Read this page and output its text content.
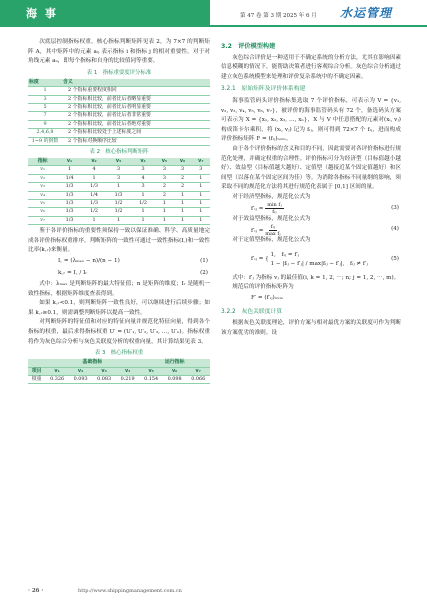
海 事	第 47 卷 第 3 期 2025 年 6 月 水运管理

次底层控制指标权重。核心指标判断矩阵见表 2，为 7×7 的判断矩阵 A，其中矩阵中的元素 aᵢⱼ 表示指标 i 和指标 j 的相对重要性。对于对角线元素 aᵢᵢ，即每个指标和自身的比较值同等重要。

表 1　指标重要度评分标准
标度	含义
1	2 个指标重要程度相同
3	2 个指标相比较，前者比后者略显重要
5	2 个指标相比较，前者比后者明显重要
7	2 个指标相比较，前者比后者非常重要
9	2 个指标相比较，前者比后者绝对重要
2,4,6,8	2 个指标相比较处于上述标度之间
1~9 的倒数	2 个指标对换顺序比较
表 2　核心指标判断矩阵
指标	v₁	v₂	v₃	v₄	v₅	v₆	v₇
v₁	1	4	3	3	3	3	3
v₂	1/4	1	3	4	3	2	1
v₃	1/3	1/3	1	3	2	2	1
v₄	1/3	1/4	1/3	1	2	1	1
v₅	1/3	1/3	1/2	1/2	1	1	1
v₆	1/3	1/2	1/2	1	1	1	1
v₇	1/3	1	1	1	1	1	1

鉴于各评价指标的重要性须保持一致以保证准确、科学、高质量地完成各评价指标权重排序，判断矩阵的一致性可通过一致性指标(I꜀)和一致性比率(k꜀ᵣ)来衡量。

I꜀ = (λₘₐₓ − n)/(n − 1)	(1)
k꜀ᵣ = I꜀ / Iᵣ	(2)

式中：λₘₐₓ 是判断矩阵的最大特征值；n 是矩阵的维度；Iᵣ 是随机一致性指标，根据矩阵维度查表得到。

如果 k꜀ᵣ<0.1，则判断矩阵一致性良好，可以继续进行后续步骤；如果 k꜀ᵣ≥0.1，则需调整判断矩阵以提高一致性。

对判断矩阵的特征值和对应的特征向量并规范化特征向量，得到各个指标的权重，最后求得指标权重 U′ = (U′₁, U′₂, U′₃, …, U′ₙ)。指标权重将作为灰色综合分析与灰色关联度分析的权重向量，其计算结果见表 3。

表 3　核心指标权重
	基础指标				运行指标		
项目	v₁	v₂	v₃	v₄	v₅	v₆	v₇
权重	0.326	0.093	0.083	0.219	0.154	0.098	0.066
3.2　评价模型构建

灰色综合评价是一种适用于不确定系统的分析方法，尤其在影响因素信息模糊的情况下，能帮助决策者进行客观综合分析。灰色综合分析通过建立灰色系统模型来处理和评价复杂系统中的不确定因素。

3.2.1　原始矩阵及评价体系构建

海事监管码头评价指标集选取 7 个评价指标，可表示为 V = {v₁, v₂, v₃, v₄, v₅, v₆, v₇}，被评价的海事监管码头有 72 个，备选码头方案可表示为 X = {x₁, x₂, x₃, …, xₙ}，X 与 V 中任意搭配的元素对(xᵢ, vⱼ) 构成笛卡尔乘积，将 (xᵢ, vⱼ) 记为 fᵢⱼ，则可得到 72×7 个 fᵢⱼ，进而构成评价指标矩阵 F = (fᵢⱼ)ₙₓₘ。

由于各个评价指标的含义和目的不同，因此需要对各评价指标进行规范化处理，并确定权重的合理性。评价指标可分为经济型（目标值越小越好）、效益型（目标值越大越好）、定值型（越接近某个固定值越好）和区间型（以落在某个固定区间为佳）等。为消除各指标不同量纲的影响，须采取不同的规范化方法将其进行规范化表属于 [0,1] 区间的量。

对于经济型指标，规范化公式为

f′ᵢⱼ = $\frac{\text{min fⱼ}}{\text{fᵢⱼ}}$	(3)

对于效益型指标，规范化公式为

f′ᵢⱼ = $\frac{\text{fᵢⱼ}}{\text{max fⱼ}}$	(4)

对于定值型指标，规范化公式为

f′ᵢⱼ = {
1,　fᵢⱼ = f′ⱼ
1 − |fᵢⱼ − f′ⱼ| / max|fᵢⱼ − f′ⱼ|,　fᵢⱼ ≠ f′ⱼ
(5)

式中：f′ⱼ 为指标 vⱼ 的最佳值(i, k = 1, 2, ⋯; n; j = 1, 2, ⋯, m)。

规范后的评价指标矩阵为

F′ = (f′ᵢⱼ)ₙₓₘ
3.2.2　灰色关联度计算

根据灰色关联度理论，评价方案与相对最优方案的关联度可作为判断该方案优劣的准则。设

· 26 ·	http://www.shippingmanagement.com.cn
